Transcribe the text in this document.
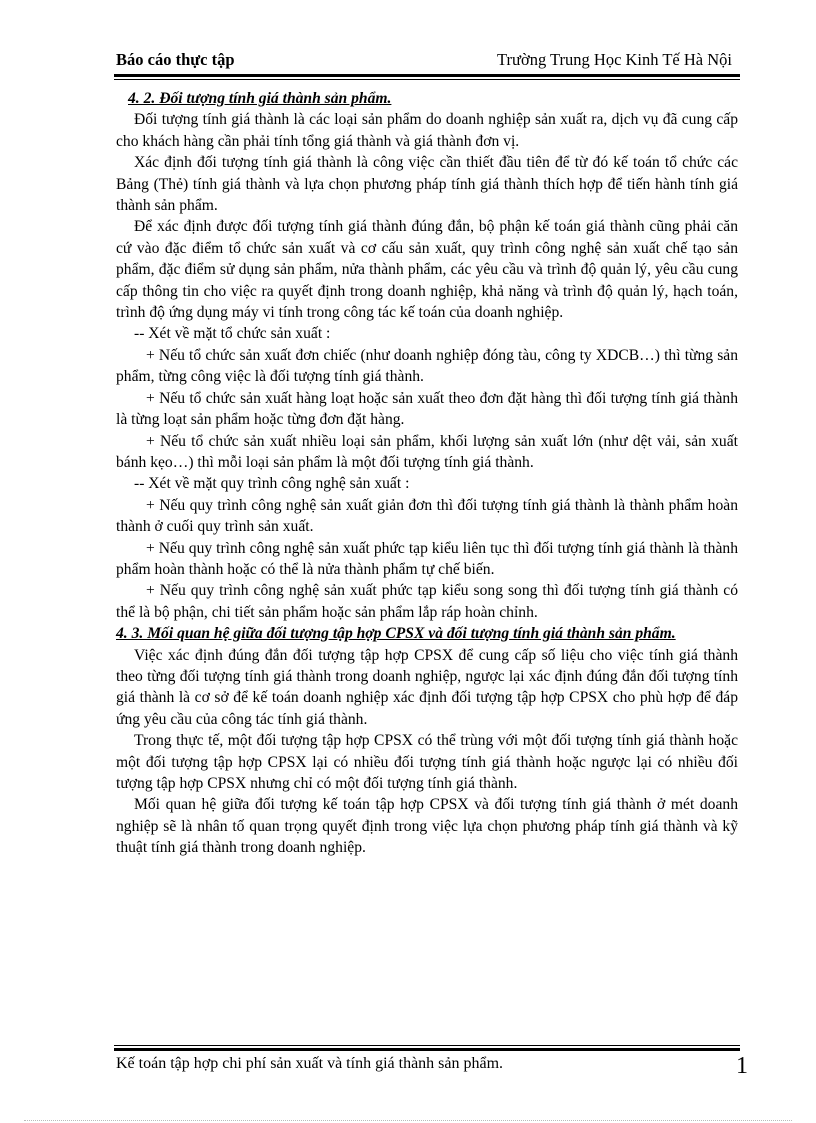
Báo cáo thực tập	Trường Trung Học Kinh Tế Hà Nội

4. 2. Đối tượng tính giá thành sản phẩm.

Đối tượng tính giá thành là các loại sản phẩm do doanh nghiệp sản xuất ra, dịch vụ đã cung cấp cho khách hàng cần phải tính tổng giá thành và giá thành đơn vị.

Xác định đối tượng tính giá thành là công việc cần thiết đầu tiên để từ đó kế toán tổ chức các Bảng (Thẻ) tính giá thành và lựa chọn phương pháp tính giá thành thích hợp để tiến hành tính giá thành sản phẩm.

Để xác định được đối tượng tính giá thành đúng đắn, bộ phận kế toán giá thành cũng phải căn cứ vào đặc điểm tổ chức sản xuất và cơ cấu sản xuất, quy trình công nghệ sản xuất chế tạo sản phẩm, đặc điểm sử dụng sản phẩm, nửa thành phẩm, các yêu cầu và trình độ quản lý, yêu cầu cung cấp thông tin cho việc ra quyết định trong doanh nghiệp, khả năng và trình độ quản lý, hạch toán, trình độ ứng dụng máy vi tính trong công tác kế toán của doanh nghiệp.

-- Xét về mặt tổ chức sản xuất :

+ Nếu tổ chức sản xuất đơn chiếc (như doanh nghiệp đóng tàu, công ty XDCB…) thì từng sản phẩm, từng công việc là đối tượng tính giá thành.

+ Nếu tổ chức sản xuất hàng loạt hoặc sản xuất theo đơn đặt hàng thì đối tượng tính giá thành là từng loạt sản phẩm hoặc từng đơn đặt hàng.

+ Nếu tổ chức sản xuất nhiều loại sản phẩm, khối lượng sản xuất lớn (như dệt vải, sản xuất bánh kẹo…) thì mỗi loại sản phẩm là một đối tượng tính giá thành.

-- Xét về mặt quy trình công nghệ sản xuất :

+ Nếu quy trình công nghệ sản xuất giản đơn thì đối tượng tính giá thành là thành phẩm hoàn thành ở cuối quy trình sản xuất.

+ Nếu quy trình công nghệ sản xuất phức tạp kiểu liên tục thì đối tượng tính giá thành là thành phẩm hoàn thành hoặc có thể là nửa thành phẩm tự chế biến.

+ Nếu quy trình công nghệ sản xuất phức tạp kiểu song song thì đối tượng tính giá thành có thể là bộ phận, chi tiết sản phẩm hoặc sản phẩm lắp ráp hoàn chỉnh.

4. 3. Mối quan hệ giữa đối tượng tập hợp CPSX và đối tượng tính giá thành sản phẩm.

Việc xác định đúng đắn đối tượng tập hợp CPSX để cung cấp số liệu cho việc tính giá thành theo từng đối tượng tính giá thành trong doanh nghiệp, ngược lại xác định đúng đắn đối tượng tính giá thành là cơ sở để kế toán doanh nghiệp xác định đối tượng tập hợp CPSX cho phù hợp để đáp ứng yêu cầu của công tác tính giá thành.

Trong thực tế, một đối tượng tập hợp CPSX có thể trùng với một đối tượng tính giá thành hoặc một đối tượng tập hợp CPSX lại có nhiều đối tượng tính giá thành hoặc ngược lại có nhiều đối tượng tập hợp CPSX nhưng chỉ có một đối tượng tính giá thành.

Mối quan hệ giữa đối tượng kế toán tập hợp CPSX và đối tượng tính giá thành ở mét doanh nghiệp sẽ là nhân tố quan trọng quyết định trong việc lựa chọn phương pháp tính giá thành và kỹ thuật tính giá thành trong doanh nghiệp.

Kế toán tập hợp chi phí sản xuất và tính giá thành sản phẩm.	1
